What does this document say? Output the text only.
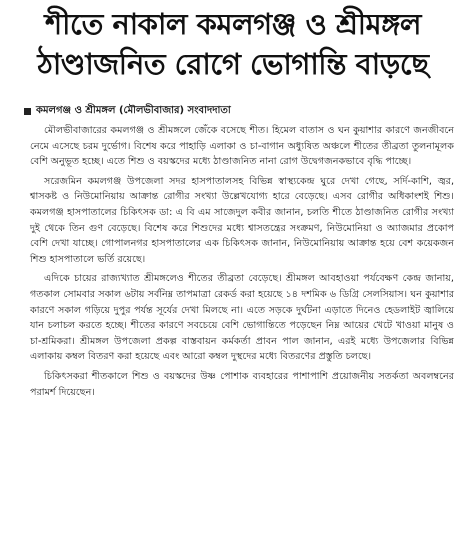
শীতে নাকাল কমলগঞ্জ ও শ্রীমঙ্গল
ঠাণ্ডাজনিত রোগে ভোগান্তি বাড়ছে
কমলগঞ্জ ও শ্রীমঙ্গল (মৌলভীবাজার) সংবাদদাতা

মৌলভীবাজারের কমলগঞ্জ ও শ্রীমঙ্গলে জেঁকে বসেছে শীত। হিমেল বাতাস ও ঘন কুয়াশার কারণে জনজীবনে নেমে এসেছে চরম দুর্ভোগ। বিশেষ করে পাহাড়ি এলাকা ও চা-বাগান অধ্যুষিত অঞ্চলে শীতের তীব্রতা তুলনামূলক বেশি অনুভূত হচ্ছে। এতে শিশু ও বয়স্কদের মধ্যে ঠাণ্ডাজনিত নানা রোগ উদ্বেগজনকভাবে বৃদ্ধি পাচ্ছে।

সরেজমিন কমলগঞ্জ উপজেলা সদর হাসপাতালসহ বিভিন্ন স্বাস্থ্যকেন্দ্র ঘুরে দেখা গেছে, সর্দি-কাশি, জ্বর, শ্বাসকষ্ট ও নিউমোনিয়ায় আক্রান্ত রোগীর সংখ্যা উল্লেখযোগ্য হারে বেড়েছে। এসব রোগীর অধিকাংশই শিশু। কমলগঞ্জ হাসপাতালের চিকিৎসক ডা: এ বি এম সাজেদুল কবীর জানান, চলতি শীতে ঠাণ্ডাজনিত রোগীর সংখ্যা দুই থেকে তিন গুণ বেড়েছে। বিশেষ করে শিশুদের মধ্যে শ্বাসতন্ত্রের সংক্রমণ, নিউমোনিয়া ও অ্যাজমার প্রকোপ বেশি দেখা যাচ্ছে। গোপালনগর হাসপাতালের এক চিকিৎসক জানান, নিউমোনিয়ায় আক্রান্ত হয়ে বেশ কয়েকজন শিশু হাসপাতালে ভর্তি রয়েছে।

এদিকে চায়ের রাজ্যখ্যাত শ্রীমঙ্গলেও শীতের তীব্রতা বেড়েছে। শ্রীমঙ্গল আবহাওয়া পর্যবেক্ষণ কেন্দ্র জানায়, গতকাল সোমবার সকাল ৬টায় সর্বনিম্ন তাপমাত্রা রেকর্ড করা হয়েছে ১৪ দশমিক ৬ ডিগ্রি সেলসিয়াস। ঘন কুয়াশার কারণে সকাল গড়িয়ে দুপুর পর্যন্ত সূর্যের দেখা মিলছে না। এতে সড়কে দুর্ঘটনা এড়াতে দিনেও হেডলাইট জ্বালিয়ে যান চলাচল করতে হচ্ছে। শীতের কারণে সবচেয়ে বেশি ভোগান্তিতে পড়েছেন নিম্ন আয়ের খেটে খাওয়া মানুষ ও চা-শ্রমিকরা। শ্রীমঙ্গল উপজেলা প্রকল্প বাস্তবায়ন কর্মকর্তা প্রাবন পাল জানান, এরই মধ্যে উপজেলার বিভিন্ন এলাকায় কম্বল বিতরণ করা হয়েছে এবং আরো কম্বল দুস্থদের মধ্যে বিতরণের প্রস্তুতি চলছে।

চিকিৎসকরা শীতকালে শিশু ও বয়স্কদের উষ্ণ পোশাক ব্যবহারের পাশাপাশি প্রয়োজনীয় সতর্কতা অবলম্বনের পরামর্শ দিয়েছেন।
